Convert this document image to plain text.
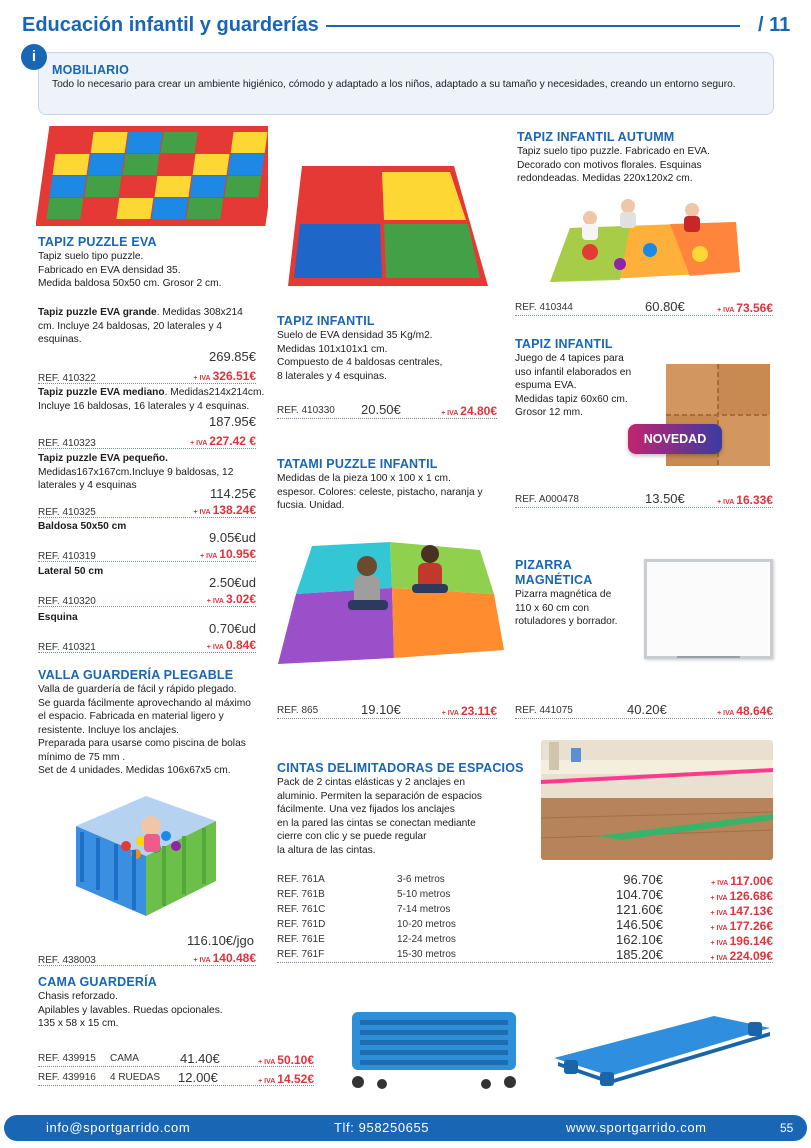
Educación infantil y guarderías	/ 11
i
MOBILIARIO
Todo lo necesario para crear un ambiente higiénico, cómodo y adaptado a los niños, adaptado a su tamaño y necesidades, creando un entorno seguro.
TAPIZ PUZZLE EVA
Tapiz suelo tipo puzzle.
Fabricado en EVA densidad 35.
Medida baldosa 50x50 cm. Grosor 2 cm.
Tapiz puzzle EVA grande. Medidas 308x214 cm. Incluye 24 baldosas, 20 laterales y 4 esquinas.
269.85€
REF. 410322	+ IVA 326.51€
Tapiz puzzle EVA mediano. Medidas214x214cm. Incluye 16 baldosas, 16 laterales y 4 esquinas.
187.95€
REF. 410323	+ IVA 227.42 €
Tapiz puzzle EVA pequeño. Medidas167x167cm.Incluye 9 baldosas, 12 laterales y 4 esquinas
114.25€
REF. 410325	+ IVA 138.24€
Baldosa 50x50 cm
9.05€ud
REF. 410319	+ IVA 10.95€
Lateral 50 cm
2.50€ud
REF. 410320	+ IVA 3.02€
Esquina
0.70€ud
REF. 410321	+ IVA 0.84€
VALLA GUARDERÍA PLEGABLE
Valla de guardería de fácil y rápido plegado.
Se guarda fácilmente aprovechando al máximo
el espacio. Fabricada en material ligero y
resistente. Incluye los anclajes.
Preparada para usarse como piscina de bolas
mínimo de 75 mm .
Set de 4 unidades. Medidas 106x67x5 cm.
116.10€/jgo
REF. 438003	+ IVA 140.48€
CAMA GUARDERÍA
Chasis reforzado.
Apilables y lavables. Ruedas opcionales.
135 x 58 x 15 cm.
REF. 439915 CAMA	41.40€	+ IVA 50.10€
REF. 439916 4 RUEDAS 12.00€	+ IVA 14.52€
TAPIZ INFANTIL
Suelo de EVA densidad 35 Kg/m2.
Medidas 101x101x1 cm.
Compuesto de 4 baldosas centrales,
8 laterales y 4 esquinas.
REF. 410330 20.50€	+ IVA 24.80€
TATAMI PUZZLE INFANTIL
Medidas de la pieza 100 x 100 x 1 cm.
espesor. Colores: celeste, pistacho, naranja y
fucsia. Unidad.
REF. 865	19.10€	+ IVA 23.11€
CINTAS DELIMITADORAS DE ESPACIOS
Pack de 2 cintas elásticas y 2 anclajes en
aluminio. Permiten la separación de espacios
fácilmente. Una vez fijados los anclajes
en la pared las cintas se conectan mediante
cierre con clic y se puede regular
la altura de las cintas.
REF. 761A	3-6 metros	96.70€	+ IVA 117.00€
REF. 761B	5-10 metros	104.70€	+ IVA 126.68€
REF. 761C	7-14 metros	121.60€	+ IVA 147.13€
REF. 761D	10-20 metros	146.50€	+ IVA 177.26€
REF. 761E	12-24 metros	162.10€	+ IVA 196.14€
REF. 761F	15-30 metros	185.20€	+ IVA 224.09€
TAPIZ INFANTIL AUTUMM
Tapiz suelo tipo puzzle. Fabricado en EVA.
Decorado con motivos florales. Esquinas
redondeadas. Medidas 220x120x2 cm.
REF. 410344	60.80€	+ IVA 73.56€
TAPIZ INFANTIL
Juego de 4 tapices para
uso infantil elaborados en
espuma EVA.
Medidas tapiz 60x60 cm.
Grosor 12 mm.
NOVEDAD
REF. A000478	13.50€	+ IVA 16.33€
PIZARRA
MAGNÉTICA
Pizarra magnética de
110 x 60 cm con
rotuladores y borrador.
REF. 441075	40.20€	+ IVA 48.64€
info@sportgarrido.com	Tlf: 958250655	www.sportgarrido.com	55
